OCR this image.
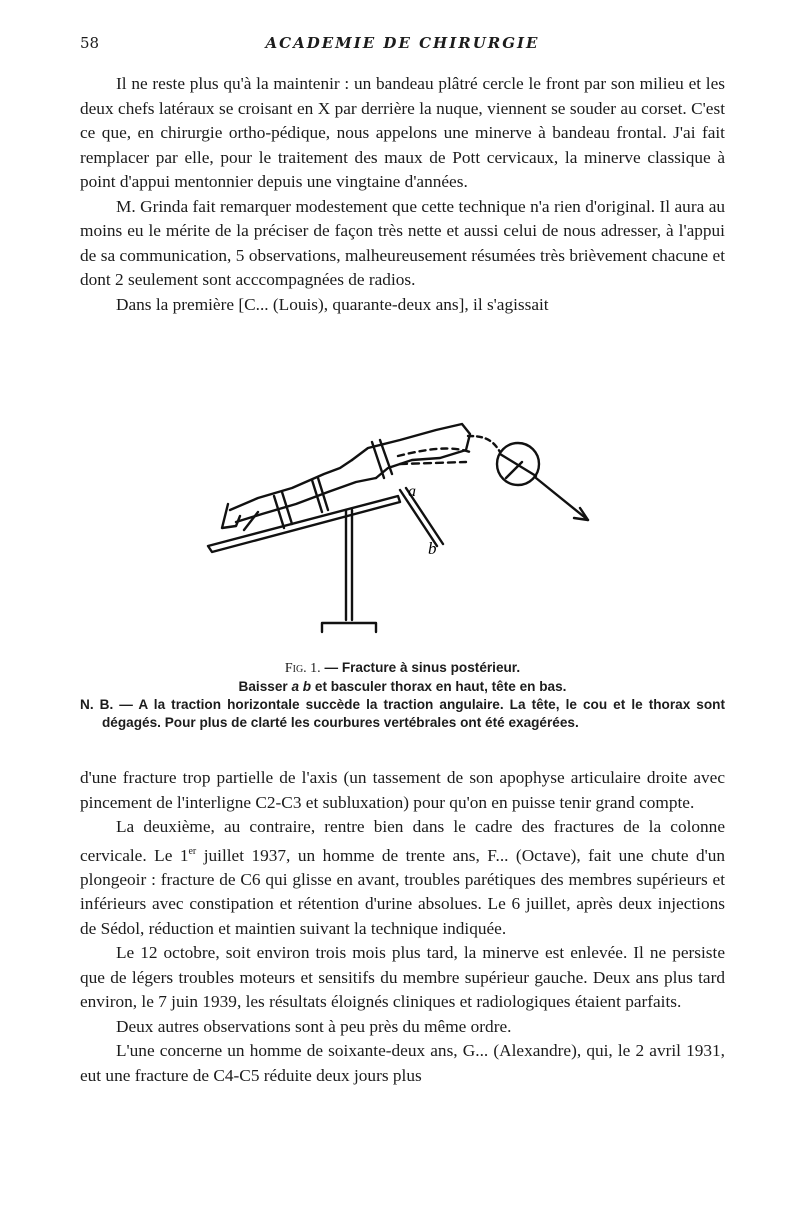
58	ACADEMIE DE CHIRURGIE

Il ne reste plus qu'à la maintenir : un bandeau plâtré cercle le front par son milieu et les deux chefs latéraux se croisant en X par derrière la nuque, viennent se souder au corset. C'est ce que, en chirurgie ortho-pédique, nous appelons une minerve à bandeau frontal. J'ai fait remplacer par elle, pour le traitement des maux de Pott cervicaux, la minerve classique à point d'appui mentonnier depuis une vingtaine d'années.

M. Grinda fait remarquer modestement que cette technique n'a rien d'original. Il aura au moins eu le mérite de la préciser de façon très nette et aussi celui de nous adresser, à l'appui de sa communication, 5 observations, malheureusement résumées très brièvement chacune et dont 2 seulement sont acccompagnées de radios.

Dans la première [C... (Louis), quarante-deux ans], il s'agissait

a
b

Fig. 1. — Fracture à sinus postérieur.

Baisser a b et basculer thorax en haut, tête en bas.

N. B. — A la traction horizontale succède la traction angulaire. La tête, le cou et le thorax sont dégagés. Pour plus de clarté les courbures vertébrales ont été exagérées.

d'une fracture trop partielle de l'axis (un tassement de son apophyse articulaire droite avec pincement de l'interligne C2-C3 et subluxation) pour qu'on en puisse tenir grand compte.

La deuxième, au contraire, rentre bien dans le cadre des fractures de la colonne cervicale. Le 1er juillet 1937, un homme de trente ans, F... (Octave), fait une chute d'un plongeoir : fracture de C6 qui glisse en avant, troubles parétiques des membres supérieurs et inférieurs avec constipation et rétention d'urine absolues. Le 6 juillet, après deux injections de Sédol, réduction et maintien suivant la technique indiquée.

Le 12 octobre, soit environ trois mois plus tard, la minerve est enlevée. Il ne persiste que de légers troubles moteurs et sensitifs du membre supérieur gauche. Deux ans plus tard environ, le 7 juin 1939, les résultats éloignés cliniques et radiologiques étaient parfaits.

Deux autres observations sont à peu près du même ordre.

L'une concerne un homme de soixante-deux ans, G... (Alexandre), qui, le 2 avril 1931, eut une fracture de C4-C5 réduite deux jours plus
